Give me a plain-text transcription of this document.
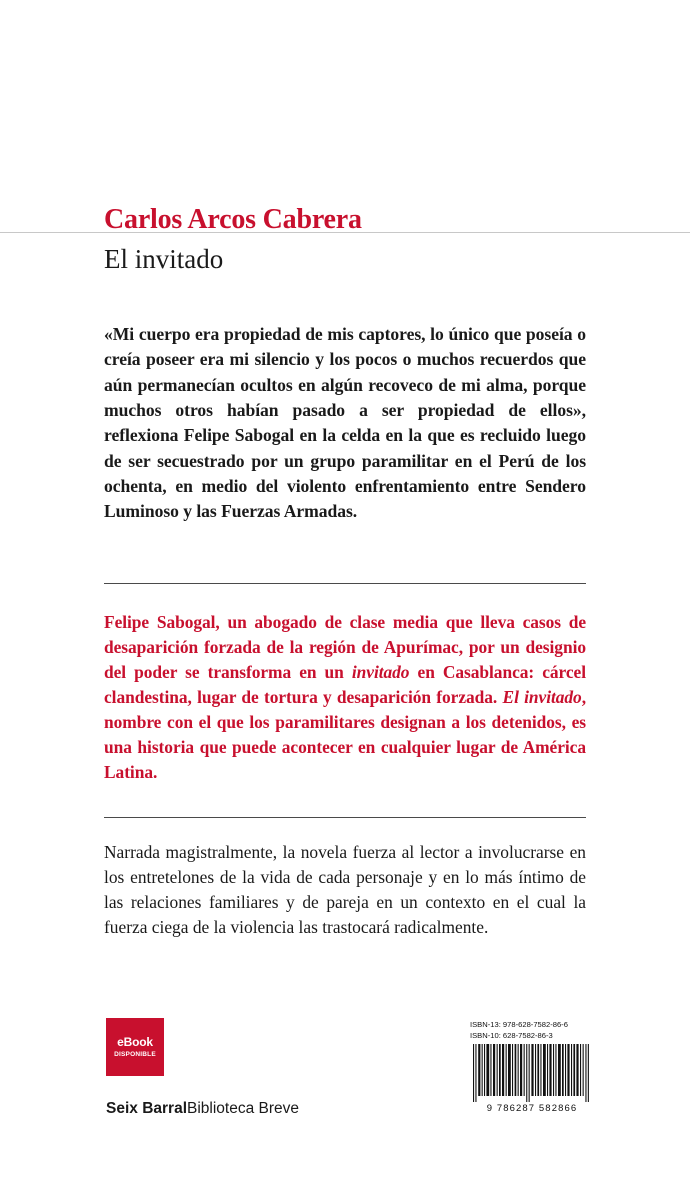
Carlos Arcos Cabrera
El invitado
«Mi cuerpo era propiedad de mis captores, lo único que poseía o creía poseer era mi silencio y los pocos o muchos recuerdos que aún permanecían ocultos en algún recoveco de mi alma, porque muchos otros habían pasado a ser propiedad de ellos», reflexiona Felipe Sabogal en la celda en la que es recluido luego de ser secuestrado por un grupo paramilitar en el Perú de los ochenta, en medio del violento enfrentamiento entre Sendero Luminoso y las Fuerzas Armadas.
Felipe Sabogal, un abogado de clase media que lleva casos de desaparición forzada de la región de Apurímac, por un designio del poder se transforma en un invitado en Casablanca: cárcel clandestina, lugar de tortura y desaparición forzada. El invitado, nombre con el que los paramilitares designan a los detenidos, es una historia que puede acontecer en cualquier lugar de América Latina.
Narrada magistralmente, la novela fuerza al lector a involucrarse en los entretelones de la vida de cada personaje y en lo más íntimo de las relaciones familiares y de pareja en un contexto en el cual la fuerza ciega de la violencia las trastocará radicalmente.
eBook
DISPONIBLE
Seix BarralBiblioteca Breve
ISBN-13: 978-628-7582-86-6
ISBN-10: 628-7582-86-3
9 786287 582866
